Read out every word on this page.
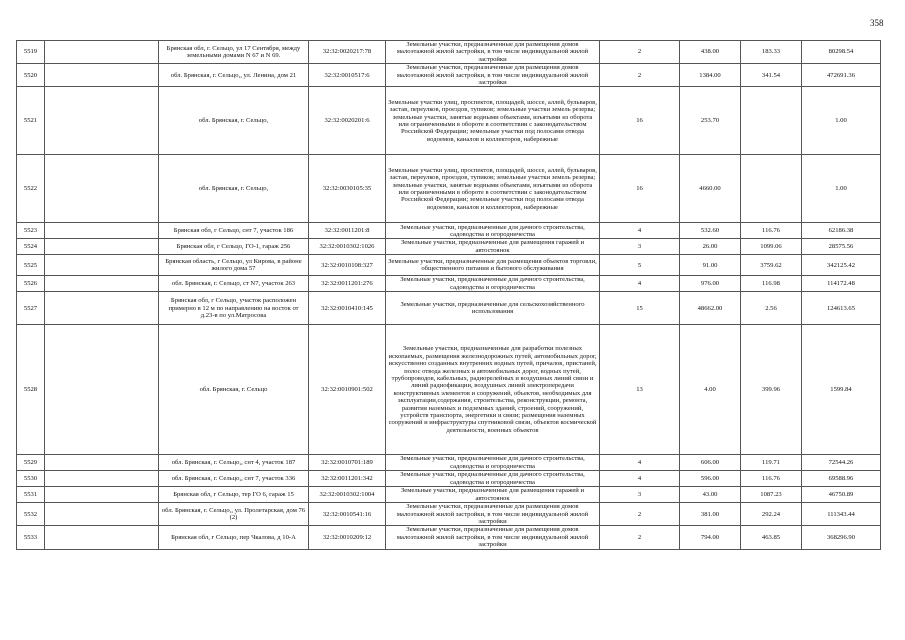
358
5519		Брянская обл, г. Сельцо, ул 17 Сентября, между земельными домами N 67 и N 69.	32:32:0020217:78	Земельные участки, предназначенные для размещения домов малоэтажной жилой застройки, в том числе индивидуальной жилой застройки	2	438.00	183.33	80298.54
5520		обл. Брянская, г. Сельцо,, ул. Ленина, дом 21	32:32:0010517:6	Земельные участки, предназначенные для размещения домов малоэтажной жилой застройки, в том числе индивидуальной жилой застройки	2	1384.00	341.54	472691.36
5521		обл. Брянская, г. Сельцо,	32:32:0020201:6	Земельные участки улиц, проспектов, площадей, шоссе, аллей, бульваров, застав, переулков, проездов, тупиков; земельные участки земель резерва; земельные участки, занятые водными объектами, изъятыми из оборота или ограниченными в обороте в соответствии с законодательством Российской Федерации; земельные участки под полосами отвода водоемов, каналов и коллекторов, набережные	16	253.70		1.00
5522		обл. Брянская, г. Сельцо,	32:32:0030105:35	Земельные участки улиц, проспектов, площадей, шоссе, аллей, бульваров, застав, переулков, проездов, тупиков; земельные участки земель резерва; земельные участки, занятые водными объектами, изъятыми из оборота или ограниченными в обороте в соответствии с законодательством Российской Федерации; земельные участки под полосами отвода водоемов, каналов и коллекторов, набережные	16	4660.00		1.00
5523		Брянская обл, г Сельцо, снт 7, участок 186	32:32:0011201:8	Земельные участки, предназначенные для дачного строительства, садоводства и огородничества	4	532.60	116.76	62186.38
5524		Брянская обл, г Сельцо, ГО-1, гараж 256	32:32:0010302:1026	Земельные участки, предназначенные для размещения гаражей и автостоянок	3	26.00	1099.06	28575.56
5525		Брянская область, г Сельцо, ул Кирова, в районе жилого дома 57	32:32:0010108:327	Земельные участки, предназначенные для размещения объектов торговли, общественного питания и бытового обслуживания	5	91.00	3759.62	342125.42
5526		обл. Брянская, г. Сельцо, ст N7, участок 263	32:32:0011201:276	Земельные участки, предназначенные для дачного строительства, садоводства и огородничества	4	976.00	116.98	114172.48
5527		Брянская обл, г Сельцо, участок расположен примерно в 12 м по направлению на восток от д.23-в по ул.Матросова	32:32:0010410:145	Земельные участки, предназначенные для сельскохозяйственного использования	15	48662.00	2.56	124613.65
5528		обл. Брянская, г. Сельцо	32:32:0010901:502	Земельные участки, предназначенные для разработки полезных ископаемых, размещения железнодорожных путей, автомобильных дорог, искусственно созданных внутренних водных путей, причалов, пристаней, полос отвода железных и автомобильных дорог, водных путей, трубопроводов, кабельных, радиорелейных и воздушных линий связи и линий радиофикации, воздушных линий электропередачи конструктивных элементов и сооружений, объектов, необходимых для эксплуатации,содержания, строительства, реконструкции, ремонта, развития наземных и подземных зданий, строений, сооружений, устройств транспорта, энергетики и связи; размещения наземных сооружений и инфраструктуры спутниковой связи, объектов космической деятельности, военных объектов	13	4.00	399.96	1599.84
5529		обл. Брянская, г. Сельцо,, снт 4, участок 187	32:32:0010701:189	Земельные участки, предназначенные для дачного строительства, садоводства и огородничества	4	606.00	119.71	72544.26
5530		обл. Брянская, г. Сельцо,, снт 7, участок 336	32:32:0011201:342	Земельные участки, предназначенные для дачного строительства, садоводства и огородничества	4	596.00	116.76	69588.96
5531		Брянская обл, г Сельцо, тер ГО 6, гараж 15	32:32:0010302:1004	Земельные участки, предназначенные для размещения гаражей и автостоянок	3	43.00	1087.23	46750.89
5532		обл. Брянская, г. Сельцо,, ул. Пролетарская, дом 76 (2)	32:32:0010541:16	Земельные участки, предназначенные для размещения домов малоэтажной жилой застройки, в том числе индивидуальной жилой застройки	2	381.00	292.24	111343.44
5533		Брянская обл, г Сельцо, пер Чкалова, д 10-А	32:32:0010209:12	Земельные участки, предназначенные для размещения домов малоэтажной жилой застройки, в том числе индивидуальной жилой застройки	2	794.00	463.85	368296.90
